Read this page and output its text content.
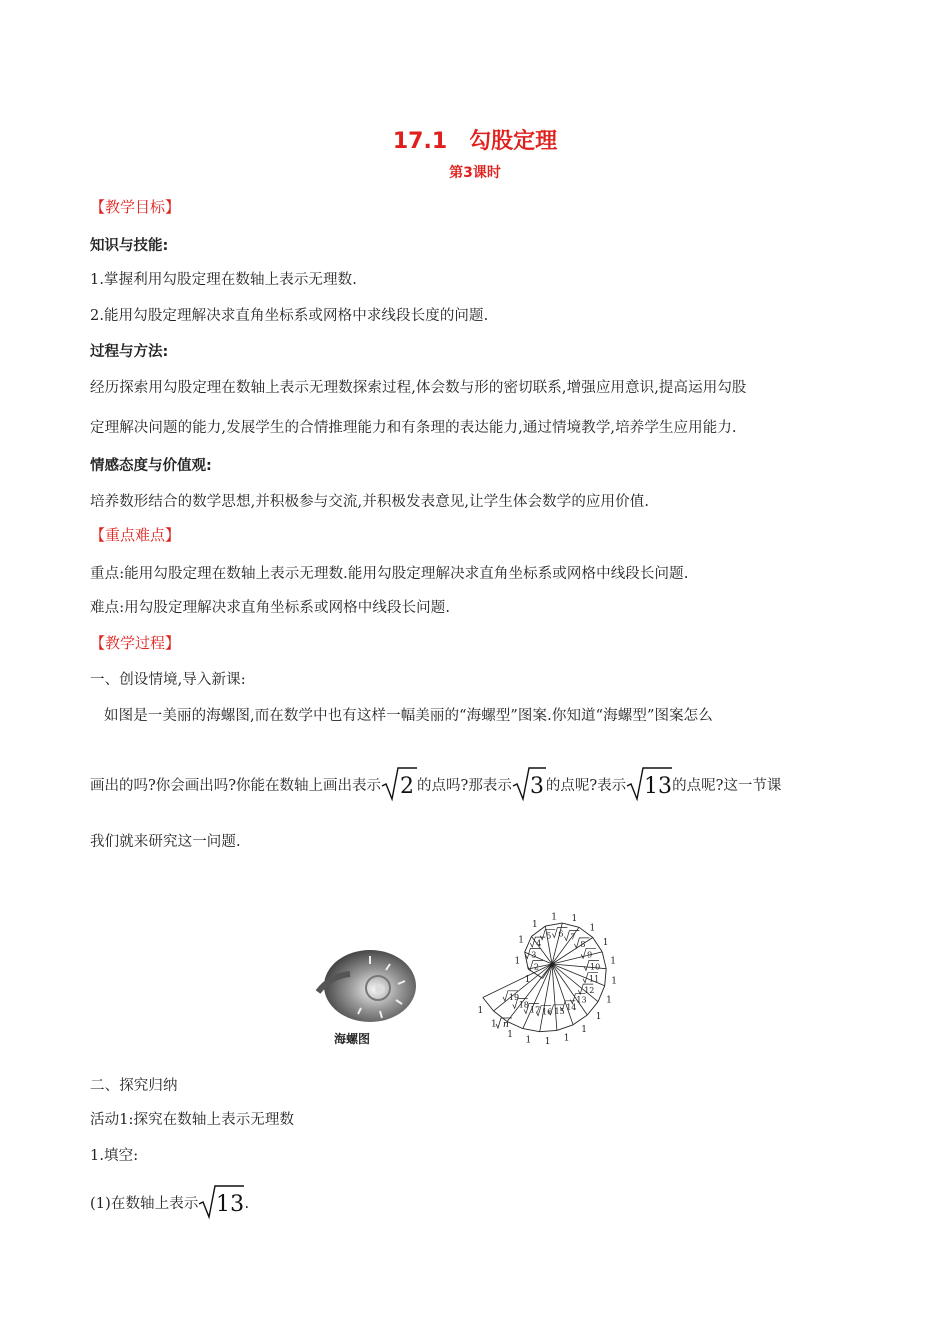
17.1　勾股定理
第3课时
【教学目标】
知识与技能:
1.掌握利用勾股定理在数轴上表示无理数.
2.能用勾股定理解决求直角坐标系或网格中求线段长度的问题.
过程与方法:
经历探索用勾股定理在数轴上表示无理数探索过程,体会数与形的密切联系,增强应用意识,提高运用勾股
定理解决问题的能力,发展学生的合情推理能力和有条理的表达能力,通过情境教学,培养学生应用能力.
情感态度与价值观:
培养数形结合的数学思想,并积极参与交流,并积极发表意见,让学生体会数学的应用价值.
【重点难点】
重点:能用勾股定理在数轴上表示无理数.能用勾股定理解决求直角坐标系或网格中线段长问题.
难点:用勾股定理解决求直角坐标系或网格中线段长问题.
【教学过程】
一、创设情境,导入新课:
如图是一美丽的海螺图,而在数学中也有这样一幅美丽的“海螺型”图案.你知道“海螺型”图案怎么
画出的吗?你会画出吗?你能在数轴上画出表示 2 的点吗?那表示 3 的点呢?表示 13 的点呢?这一节课
我们就来研究这一问题.
海螺图
1
1
1
1
1 1
1
1
1
1
1
1
1
1
1
1
1
1
1
2
3
4
5 6 7
8
9
10
11
12
13
14
15
16
17
18
19
n
二、探究归纳
活动1:探究在数轴上表示无理数
1.填空:
(1)在数轴上表示 13 .
